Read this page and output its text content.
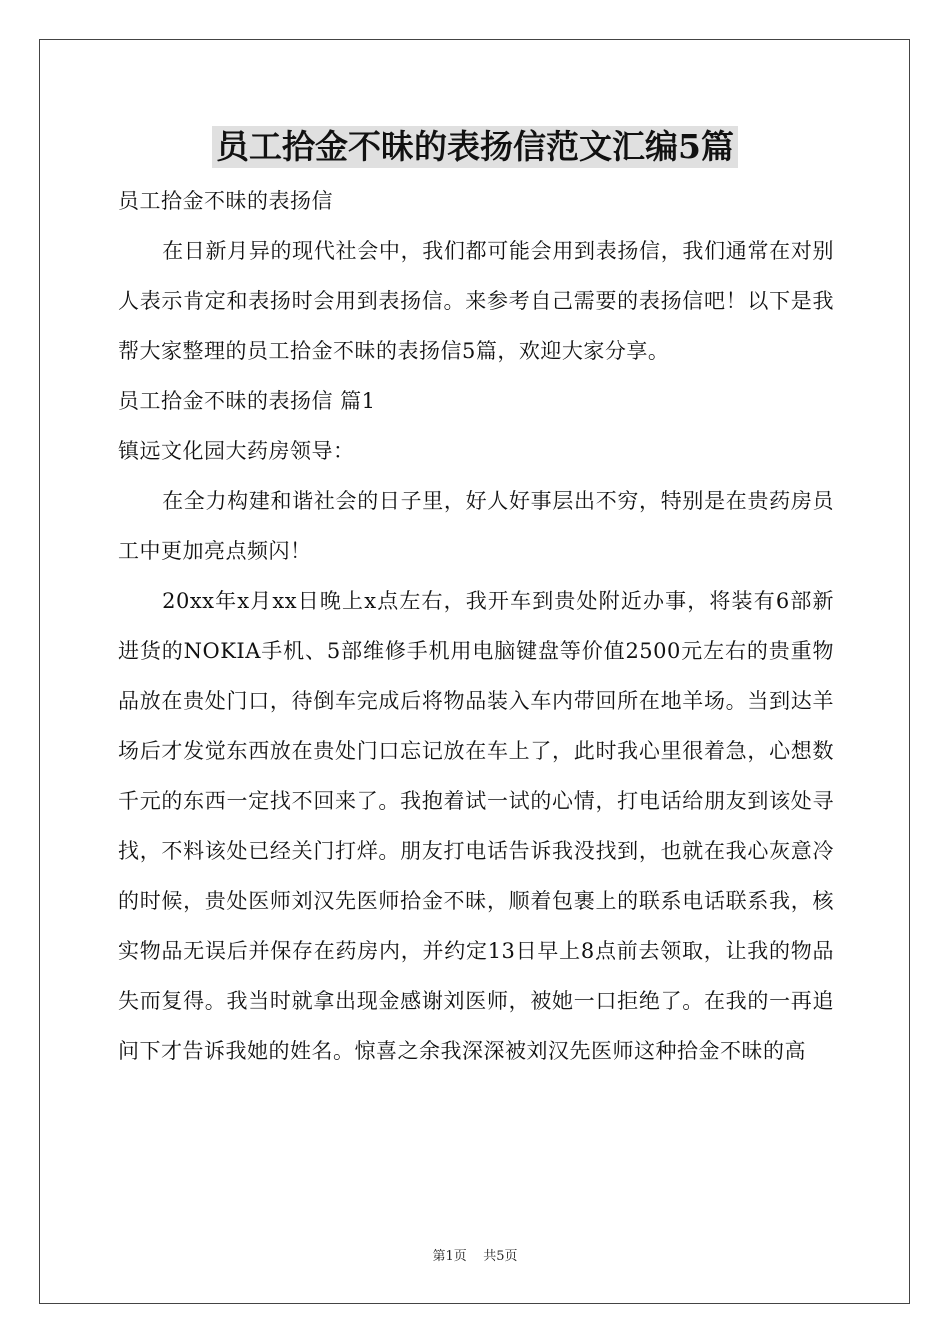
员工拾金不昧的表扬信范文汇编5篇

员工拾金不昧的表扬信

在日新月异的现代社会中，我们都可能会用到表扬信，我们通常在对别人表示肯定和表扬时会用到表扬信。来参考自己需要的表扬信吧！以下是我帮大家整理的员工拾金不昧的表扬信5篇，欢迎大家分享。

员工拾金不昧的表扬信 篇1

镇远文化园大药房领导：

在全力构建和谐社会的日子里，好人好事层出不穷，特别是在贵药房员工中更加亮点频闪！

20xx年x月xx日晚上x点左右，我开车到贵处附近办事，将装有6部新进货的NOKIA手机、5部维修手机用电脑键盘等价值2500元左右的贵重物品放在贵处门口，待倒车完成后将物品装入车内带回所在地羊场。当到达羊场后才发觉东西放在贵处门口忘记放在车上了，此时我心里很着急，心想数千元的东西一定找不回来了。我抱着试一试的心情，打电话给朋友到该处寻找，不料该处已经关门打烊。朋友打电话告诉我没找到，也就在我心灰意冷的时候，贵处医师刘汉先医师拾金不昧，顺着包裹上的联系电话联系我，核实物品无误后并保存在药房内，并约定13日早上8点前去领取，让我的物品失而复得。我当时就拿出现金感谢刘医师，被她一口拒绝了。在我的一再追问下才告诉我她的姓名。惊喜之余我深深被刘汉先医师这种拾金不昧的高

第1页 共5页
